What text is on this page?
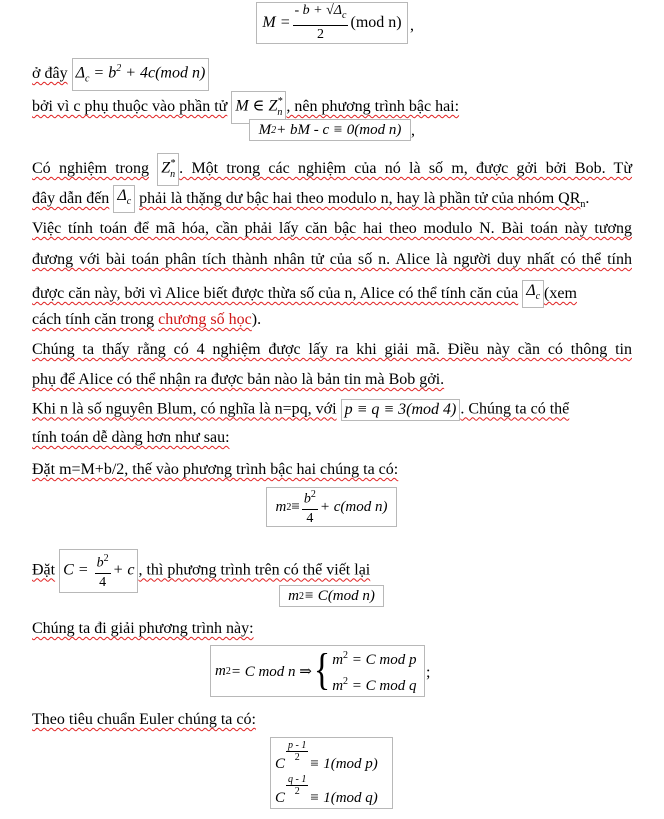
$M = \frac{- b + √\Delta_c}{2} (mod$ n) ,
ở đây $\Delta_c = b^2 + 4c(mod$ n)
bởi vì c phụ thuộc vào phần tử M ∈ $Z^*_n$ , nên phương trình bậc hai:
M 2 + bM - c ≡ 0(mod n) ,
Có nghiệm trong $Z^*_n$ . Một trong các nghiệm của nó là số m, được gởi bởi Bob. Từ
đây dẫn đến $\Delta_c$ phải là thặng dư bậc hai theo modulo n, hay là phần tử của nhóm $QR_n$.
Việc tính toán để mã hóa, cần phải lấy căn bậc hai theo modulo N. Bài toán này tương
đương với bài toán phân tích thành nhân tử của số n. Alice là người duy nhất có thể tính
được căn này, bởi vì Alice biết được thừa số của n, Alice có thể tính căn của $\Delta_c$ (xem
cách tính căn trong chương số học).
Chúng ta thấy rằng có 4 nghiệm được lấy ra khi giải mã. Điều này cần có thông tin
phụ để Alice có thể nhận ra được bản nào là bản tin mà Bob gởi.
Khi n là số nguyên Blum, có nghĩa là n=pq, với p ≡ q ≡ 3(mod 4) . Chúng ta có thể
tính toán dễ dàng hơn như sau:
Đặt m=M+b/2, thế vào phương trình bậc hai chúng ta có:
m $2 \equiv \frac{b^2}{4} + c(mod$ n)
Đặt $C = \frac{b^2}{4} + c$ , thì phương trình trên có thể viết lại
m 2 ≡ C(mod n)
Chúng ta đi giải phương trình này:
m 2 = C mod n ⇒ { $m^2 = C$ mod p
$m^2 = C$ mod q
;
Theo tiêu chuẩn Euler chúng ta có:
C
$\frac{p - 1}{2}$
≡ 1(mod p)
C
$\frac{q - 1}{2}$
≡ 1(mod q)
